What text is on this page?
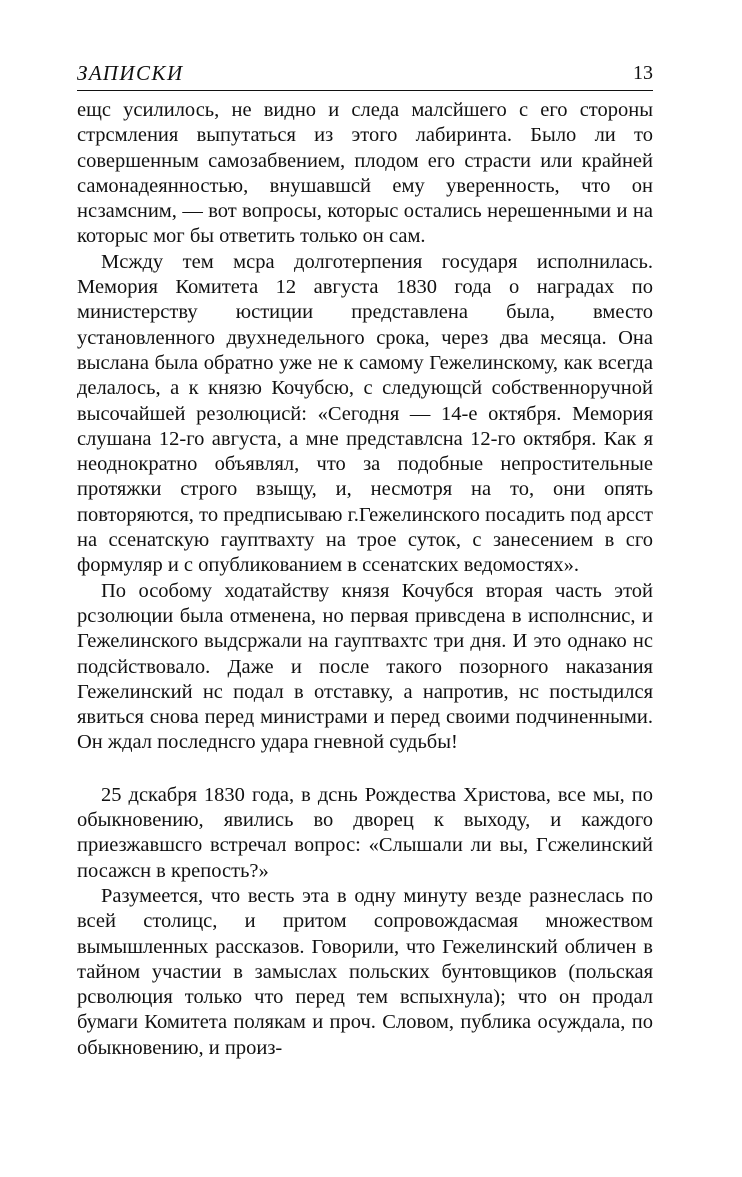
ЗАПИСКИ	13

ещс усилилось, не видно и следа малсйшего с его стороны стрсмления выпутаться из этого лабиринта. Было ли то совершенным самозабвением, плодом его страсти или крайней самонадеянностью, внушавшсй ему уверенность, что он нсзамсним, — вот вопросы, которыс остались нерешенными и на которыс мог бы ответить только он сам.

Мсжду тем мсра долготерпения государя исполнилась. Мемория Комитета 12 августа 1830 года о наградах по министерству юстиции представлена была, вместо установленного двухнедельного срока, через два месяца. Она выслана была обратно уже не к самому Гежелинскому, как всегда делалось, а к князю Кочубсю, с следующсй собственноручной высочайшей резолюцисй: «Сегодня — 14-е октября. Мемория слушана 12-го августа, а мне представлсна 12-го октября. Как я неоднократно объявлял, что за подобные непростительные протяжки строго взыщу, и, несмотря на то, они опять повторяются, то предписываю г.Гежелинского посадить под арсст на ссенатскую гауптвахту на трое суток, с занесением в сго формуляр и с опубликованием в ссенатских ведомостях».

По особому ходатайству князя Кочубся вторая часть этой рсзолюции была отменена, но первая привсдена в исполнснис, и Гежелинского выдсржали на гауптвахтс три дня. И это однако нс подсйствовало. Даже и после такого позорного наказания Гежелинский нс подал в отставку, а напротив, нс постыдился явиться снова перед министрами и перед своими подчиненными. Он ждал последнсго удара гневной судьбы!

25 дскабря 1830 года, в дснь Рождества Христова, все мы, по обыкновению, явились во дворец к выходу, и каждого приезжавшсго встречал вопрос: «Слышали ли вы, Гсжелинский посажсн в крепость?»

Разумеется, что весть эта в одну минуту везде разнеслась по всей столицс, и притом сопровождасмая множеством вымышленных рассказов. Говорили, что Гежелинский обличен в тайном участии в замыслах польских бунтовщиков (польская рсволюция только что перед тем вспыхнула); что он продал бумаги Комитета полякам и проч. Словом, публика осуждала, по обыкновению, и произ-
